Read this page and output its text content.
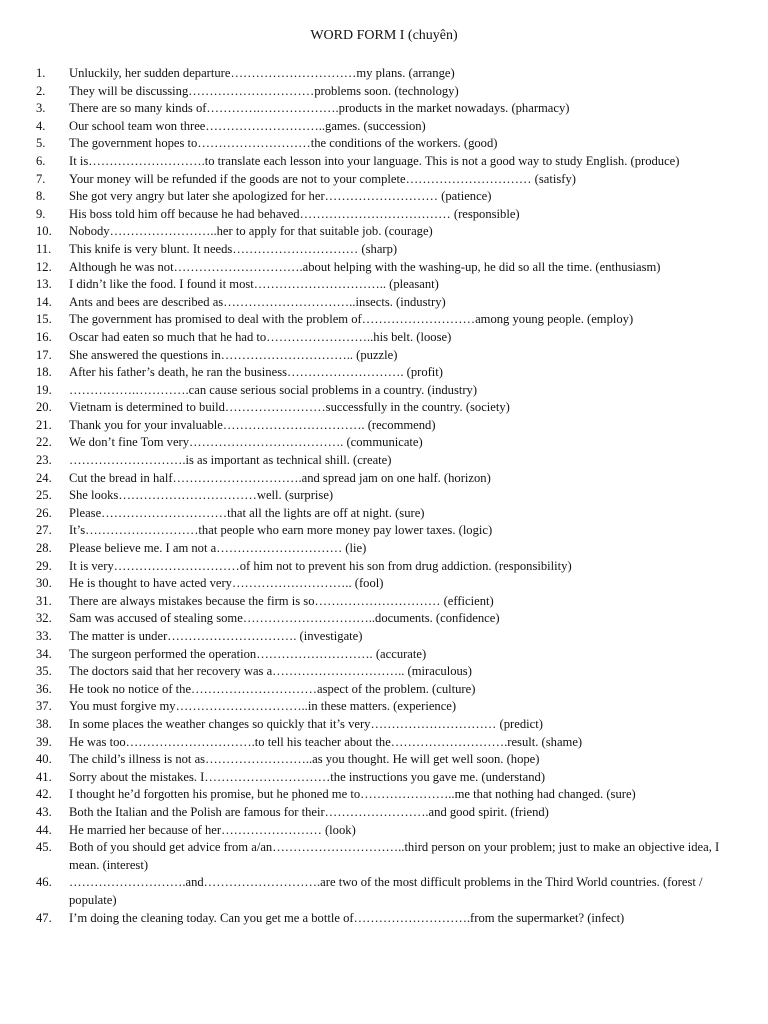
WORD FORM I (chuyên)
1.	Unluckily, her sudden departure…………………………my plans. (arrange)
2.	They will be discussing…………………………problems soon. (technology)
3.	There are so many kinds of………….……………….products in the market nowadays. (pharmacy)
4.	Our school team won three………………………..games. (succession)
5.	The government hopes to………………………the conditions of the workers. (good)
6.	It is……………………….to translate each lesson into your language. This is not a good way to study English. (produce)
7.	Your money will be refunded if the goods are not to your complete………………………… (satisfy)
8.	She got very angry but later she apologized for her……………………… (patience)
9.	His boss told him off because he had behaved……………………………… (responsible)
10.	Nobody……………………..her to apply for that suitable job. (courage)
11.	This knife is very blunt. It needs………………………… (sharp)
12.	Although he was not………………………….about helping with the washing-up, he did so all the time. (enthusiasm)
13.	I didn’t like the food. I found it most………………………….. (pleasant)
14.	Ants and bees are described as…………………………..insects. (industry)
15.	The government has promised to deal with the problem of………………………among young people. (employ)
16.	Oscar had eaten so much that he had to……………………..his belt. (loose)
17.	She answered the questions in………………………….. (puzzle)
18.	After his father’s death, he ran the business………………………. (profit)
19.	…………….………….can cause serious social problems in a country. (industry)
20.	Vietnam is determined to build……………………successfully in the country. (society)
21.	Thank you for your invaluable……………………………. (recommend)
22.	We don’t fine Tom very………………………………. (communicate)
23.	……………………….is as important as technical shill. (create)
24.	Cut the bread in half………………………….and spread jam on one half. (horizon)
25.	She looks……………………………well. (surprise)
26.	Please…………………………that all the lights are off at night. (sure)
27.	It’s………………………that people who earn more money pay lower taxes. (logic)
28.	Please believe me. I am not a………………………… (lie)
29.	It is very…………………………of him not to prevent his son from drug addiction. (responsibility)
30.	He is thought to have acted very……………………….. (fool)
31.	There are always mistakes because the firm is so………………………… (efficient)
32.	Sam was accused of stealing some…………………………..documents. (confidence)
33.	The matter is under…………………………. (investigate)
34.	The surgeon performed the operation………………………. (accurate)
35.	The doctors said that her recovery was a………………………….. (miraculous)
36.	He took no notice of the…………………………aspect of the problem. (culture)
37.	You must forgive my…………………………..in these matters. (experience)
38.	In some places the weather changes so quickly that it’s very………………………… (predict)
39.	He was too………………………….to tell his teacher about the……………………….result. (shame)
40.	The child’s illness is not as……………………..as you thought. He will get well soon. (hope)
41.	Sorry about the mistakes. I…………………………the instructions you gave me. (understand)
42.	I thought he’d forgotten his promise, but he phoned me to…………………..me that nothing had changed. (sure)
43.	Both the Italian and the Polish are famous for their…………………….and good spirit. (friend)
44.	He married her because of her…………………… (look)
45.	Both of you should get advice from a/an…………………………..third person on your problem; just to make an objective idea, I mean. (interest)
46.	……………………….and……………………….are two of the most difficult problems in the Third World countries. (forest / populate)
47.	I’m doing the cleaning today. Can you get me a bottle of……………………….from the supermarket? (infect)
